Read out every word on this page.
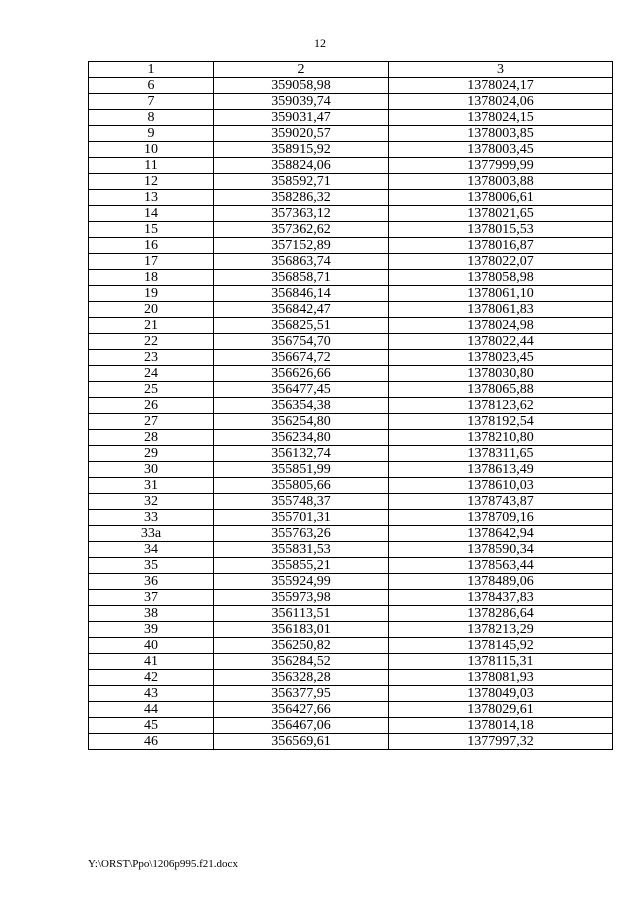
12
1	2	3
6	359058,98	1378024,17
7	359039,74	1378024,06
8	359031,47	1378024,15
9	359020,57	1378003,85
10	358915,92	1378003,45
11	358824,06	1377999,99
12	358592,71	1378003,88
13	358286,32	1378006,61
14	357363,12	1378021,65
15	357362,62	1378015,53
16	357152,89	1378016,87
17	356863,74	1378022,07
18	356858,71	1378058,98
19	356846,14	1378061,10
20	356842,47	1378061,83
21	356825,51	1378024,98
22	356754,70	1378022,44
23	356674,72	1378023,45
24	356626,66	1378030,80
25	356477,45	1378065,88
26	356354,38	1378123,62
27	356254,80	1378192,54
28	356234,80	1378210,80
29	356132,74	1378311,65
30	355851,99	1378613,49
31	355805,66	1378610,03
32	355748,37	1378743,87
33	355701,31	1378709,16
33a	355763,26	1378642,94
34	355831,53	1378590,34
35	355855,21	1378563,44
36	355924,99	1378489,06
37	355973,98	1378437,83
38	356113,51	1378286,64
39	356183,01	1378213,29
40	356250,82	1378145,92
41	356284,52	1378115,31
42	356328,28	1378081,93
43	356377,95	1378049,03
44	356427,66	1378029,61
45	356467,06	1378014,18
46	356569,61	1377997,32
Y:\ORST\Ppo\1206p995.f21.docx
